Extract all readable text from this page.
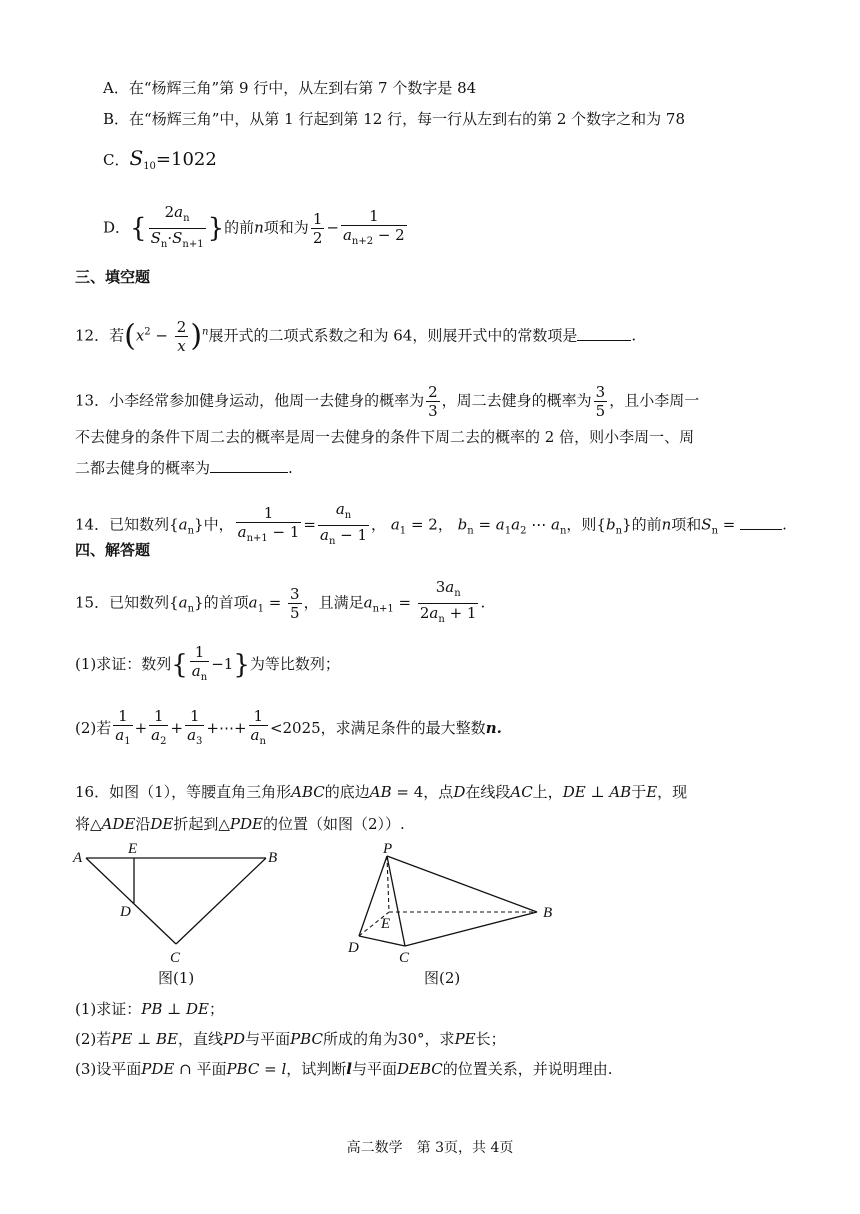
A．在“杨辉三角”第 9 行中，从左到右第 7 个数字是 84
B．在“杨辉三角”中，从第 1 行起到第 12 行，每一行从左到右的第 2 个数字之和为 78
C．$S_{10}=1022$
D．{ $\frac{2a_n}{S_n\cdot S_{n+1}}$ }的前n项和为 $\frac{1}{2} - \frac{1}{a_{n+2} - 2}$
三、填空题
12．若$(x^2 - \frac{2}{x} )^n$展开式的二项式系数之和为 64，则展开式中的常数项是	.
13．小李经常参加健身运动，他周一去健身的概率为 $\frac{2}{3}$ ，周二去健身的概率为 $\frac{3}{5}$ ，且小李周一
不去健身的条件下周二去的概率是周一去健身的条件下周二去的概率的 2 倍，则小李周一、周
二都去健身的概率为	.
14．已知数列$\{a_n\}$中， $\frac{1}{a_{n+1} - 1} = \frac{a_n}{a_n - 1}$ ， $a_1 = 2$， $b_n = a_1a_2$ ⋯ $a_n$，则$\{b_n\}$的前n项和$S_n$ =	.
四、解答题
15．已知数列$\{a_n\}$的首项$a_1 = \frac{3}{5}$ ，且满足$a_{n+1} = \frac{3a_n}{2a_n + 1}$ .
(1)求证：数列{ $\frac{1}{a_n} -1$}为等比数列；
(2)若 $\frac{1}{a_1} + \frac{1}{a_2} + \frac{1}{a_3}$ +⋯+ $\frac{1}{a_n} <2025$，求满足条件的最大整数n.
16．如图（1），等腰直角三角形ABC的底边AB = 4，点D在线段AC上，DE ⊥ AB于E，现
将△ADE沿DE折起到△PDE的位置（如图（2））.
A
E
B
D
C
图(1)
P
E
B
D
C
图(2)
(1)求证：PB ⊥ DE；
(2)若PE ⊥ BE，直线PD与平面PBC所成的角为30°，求PE长；
(3)设平面PDE ∩ 平面PBC = l，试判断l与平面DEBC的位置关系，并说明理由.
高二数学　第 3页，共 4页
